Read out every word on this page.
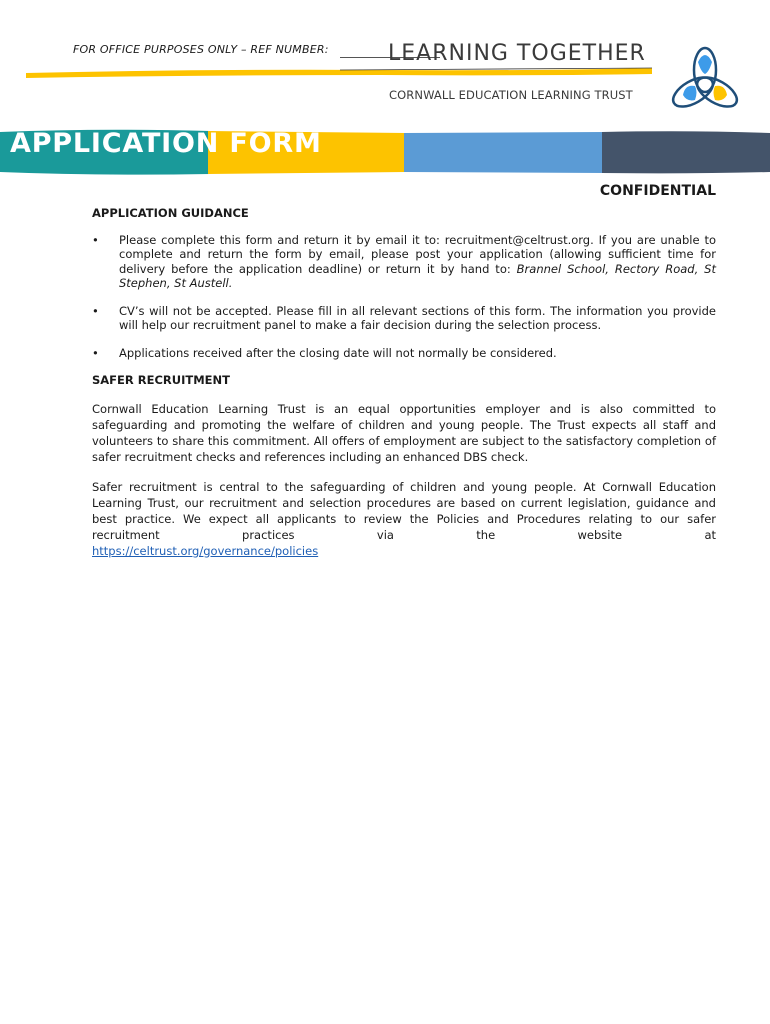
FOR OFFICE PURPOSES ONLY – REF NUMBER:	LEARNING TOGETHER
CORNWALL EDUCATION LEARNING TRUST
APPLICATION FORM
CONFIDENTIAL
APPLICATION GUIDANCE
• Please complete this form and return it by email it to: recruitment@celtrust.org. If you are unable to complete and return the form by email, please post your application (allowing sufficient time for delivery before the application deadline) or return it by hand to: Brannel School, Rectory Road, St Stephen, St Austell.
• CV’s will not be accepted. Please fill in all relevant sections of this form. The information you provide will help our recruitment panel to make a fair decision during the selection process.
• Applications received after the closing date will not normally be considered.
SAFER RECRUITMENT

Cornwall Education Learning Trust is an equal opportunities employer and is also committed to safeguarding and promoting the welfare of children and young people. The Trust expects all staff and volunteers to share this commitment. All offers of employment are subject to the satisfactory completion of safer recruitment checks and references including an enhanced DBS check.

Safer recruitment is central to the safeguarding of children and young people. At Cornwall Education Learning Trust, our recruitment and selection procedures are based on current legislation, guidance and best practice. We expect all applicants to review the Policies and Procedures relating to our safer recruitment practices via the website at

https://celtrust.org/governance/policies
